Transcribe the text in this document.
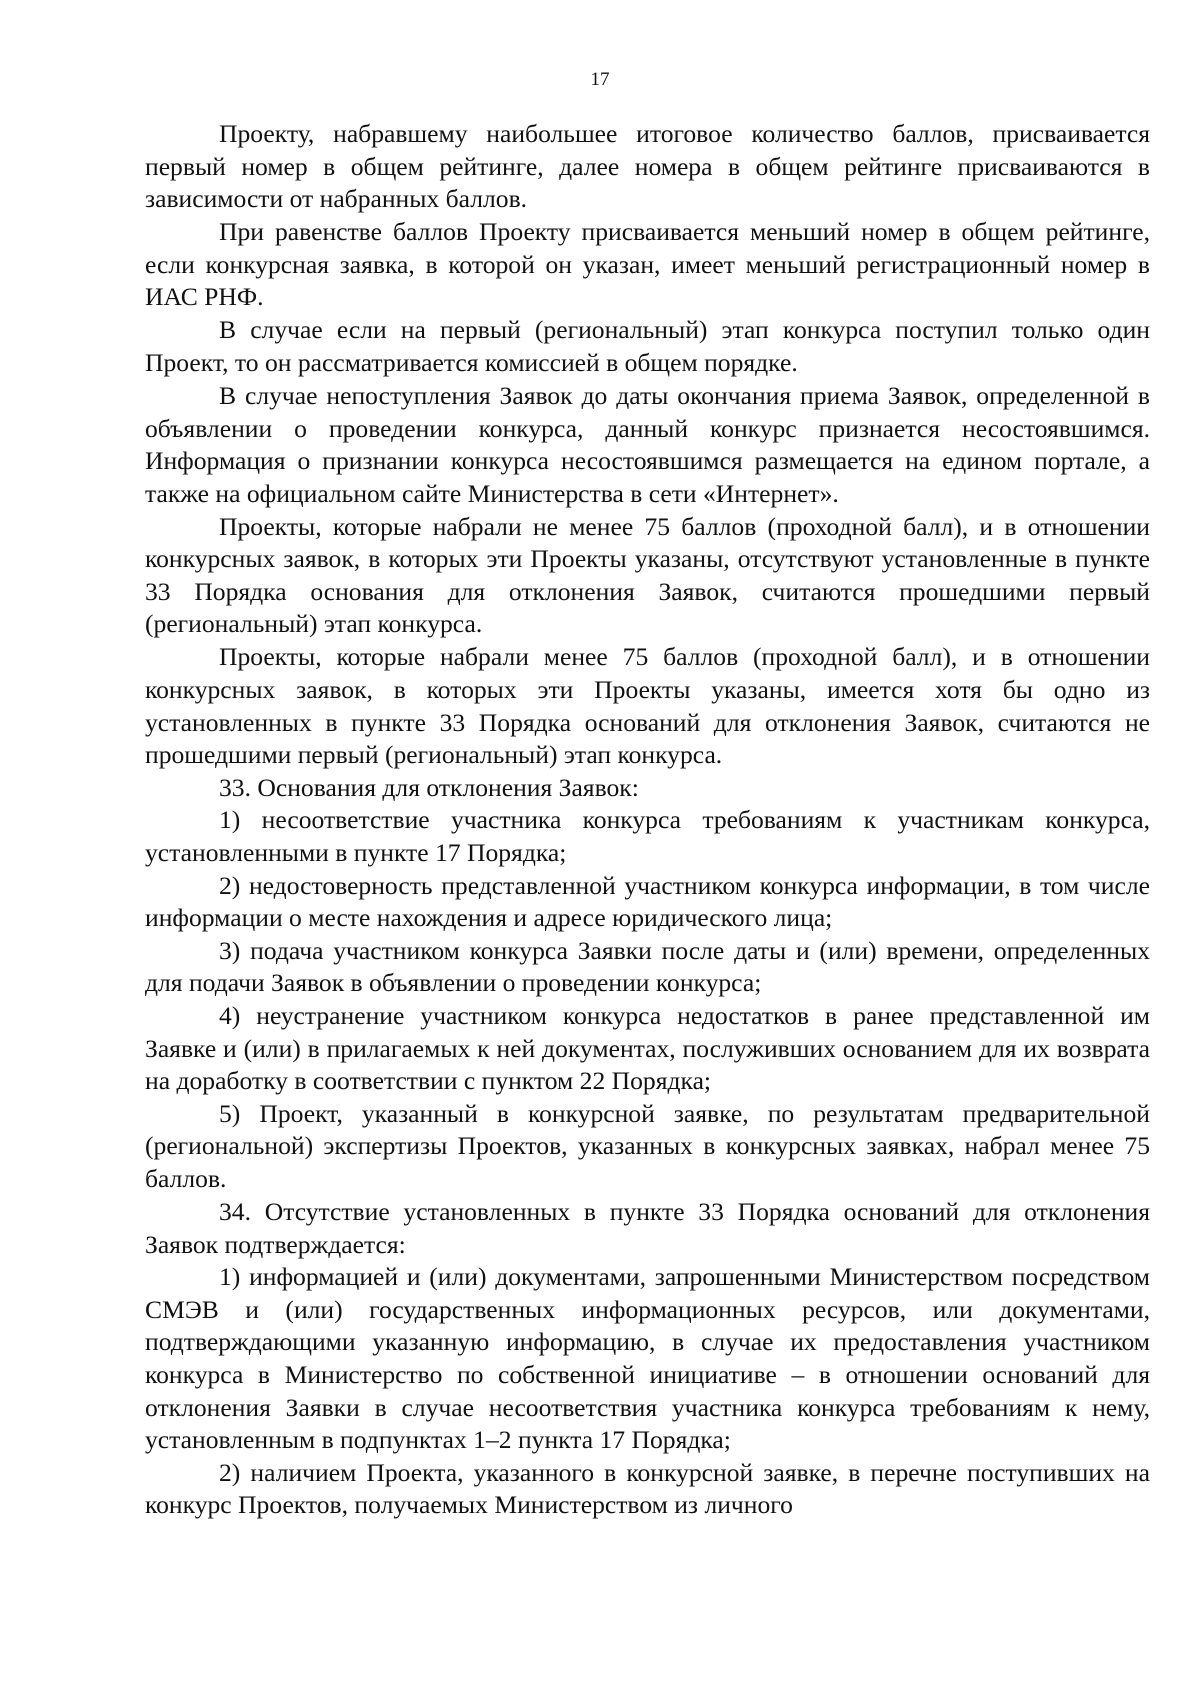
17

Проекту, набравшему наибольшее итоговое количество баллов, присваивается первый номер в общем рейтинге, далее номера в общем рейтинге присваиваются в зависимости от набранных баллов.

При равенстве баллов Проекту присваивается меньший номер в общем рейтинге, если конкурсная заявка, в которой он указан, имеет меньший регистрационный номер в ИАС РНФ.

В случае если на первый (региональный) этап конкурса поступил только один Проект, то он рассматривается комиссией в общем порядке.

В случае непоступления Заявок до даты окончания приема Заявок, определенной в объявлении о проведении конкурса, данный конкурс признается несостоявшимся. Информация о признании конкурса несостоявшимся размещается на едином портале, а также на официальном сайте Министерства в сети «Интернет».

Проекты, которые набрали не менее 75 баллов (проходной балл), и в отношении конкурсных заявок, в которых эти Проекты указаны, отсутствуют установленные в пункте 33 Порядка основания для отклонения Заявок, считаются прошедшими первый (региональный) этап конкурса.

Проекты, которые набрали менее 75 баллов (проходной балл), и в отношении конкурсных заявок, в которых эти Проекты указаны, имеется хотя бы одно из установленных в пункте 33 Порядка оснований для отклонения Заявок, считаются не прошедшими первый (региональный) этап конкурса.

33. Основания для отклонения Заявок:

1) несоответствие участника конкурса требованиям к участникам конкурса, установленными в пункте 17 Порядка;

2) недостоверность представленной участником конкурса информации, в том числе информации о месте нахождения и адресе юридического лица;

3) подача участником конкурса Заявки после даты и (или) времени, определенных для подачи Заявок в объявлении о проведении конкурса;

4) неустранение участником конкурса недостатков в ранее представленной им Заявке и (или) в прилагаемых к ней документах, послуживших основанием для их возврата на доработку в соответствии с пунктом 22 Порядка;

5) Проект, указанный в конкурсной заявке, по результатам предварительной (региональной) экспертизы Проектов, указанных в конкурсных заявках, набрал менее 75 баллов.

34. Отсутствие установленных в пункте 33 Порядка оснований для отклонения Заявок подтверждается:

1) информацией и (или) документами, запрошенными Министерством посредством СМЭВ и (или) государственных информационных ресурсов, или документами, подтверждающими указанную информацию, в случае их предоставления участником конкурса в Министерство по собственной инициативе – в отношении оснований для отклонения Заявки в случае несоответствия участника конкурса требованиям к нему, установленным в подпунктах 1–2 пункта 17 Порядка;

2) наличием Проекта, указанного в конкурсной заявке, в перечне поступивших на конкурс Проектов, получаемых Министерством из личного
